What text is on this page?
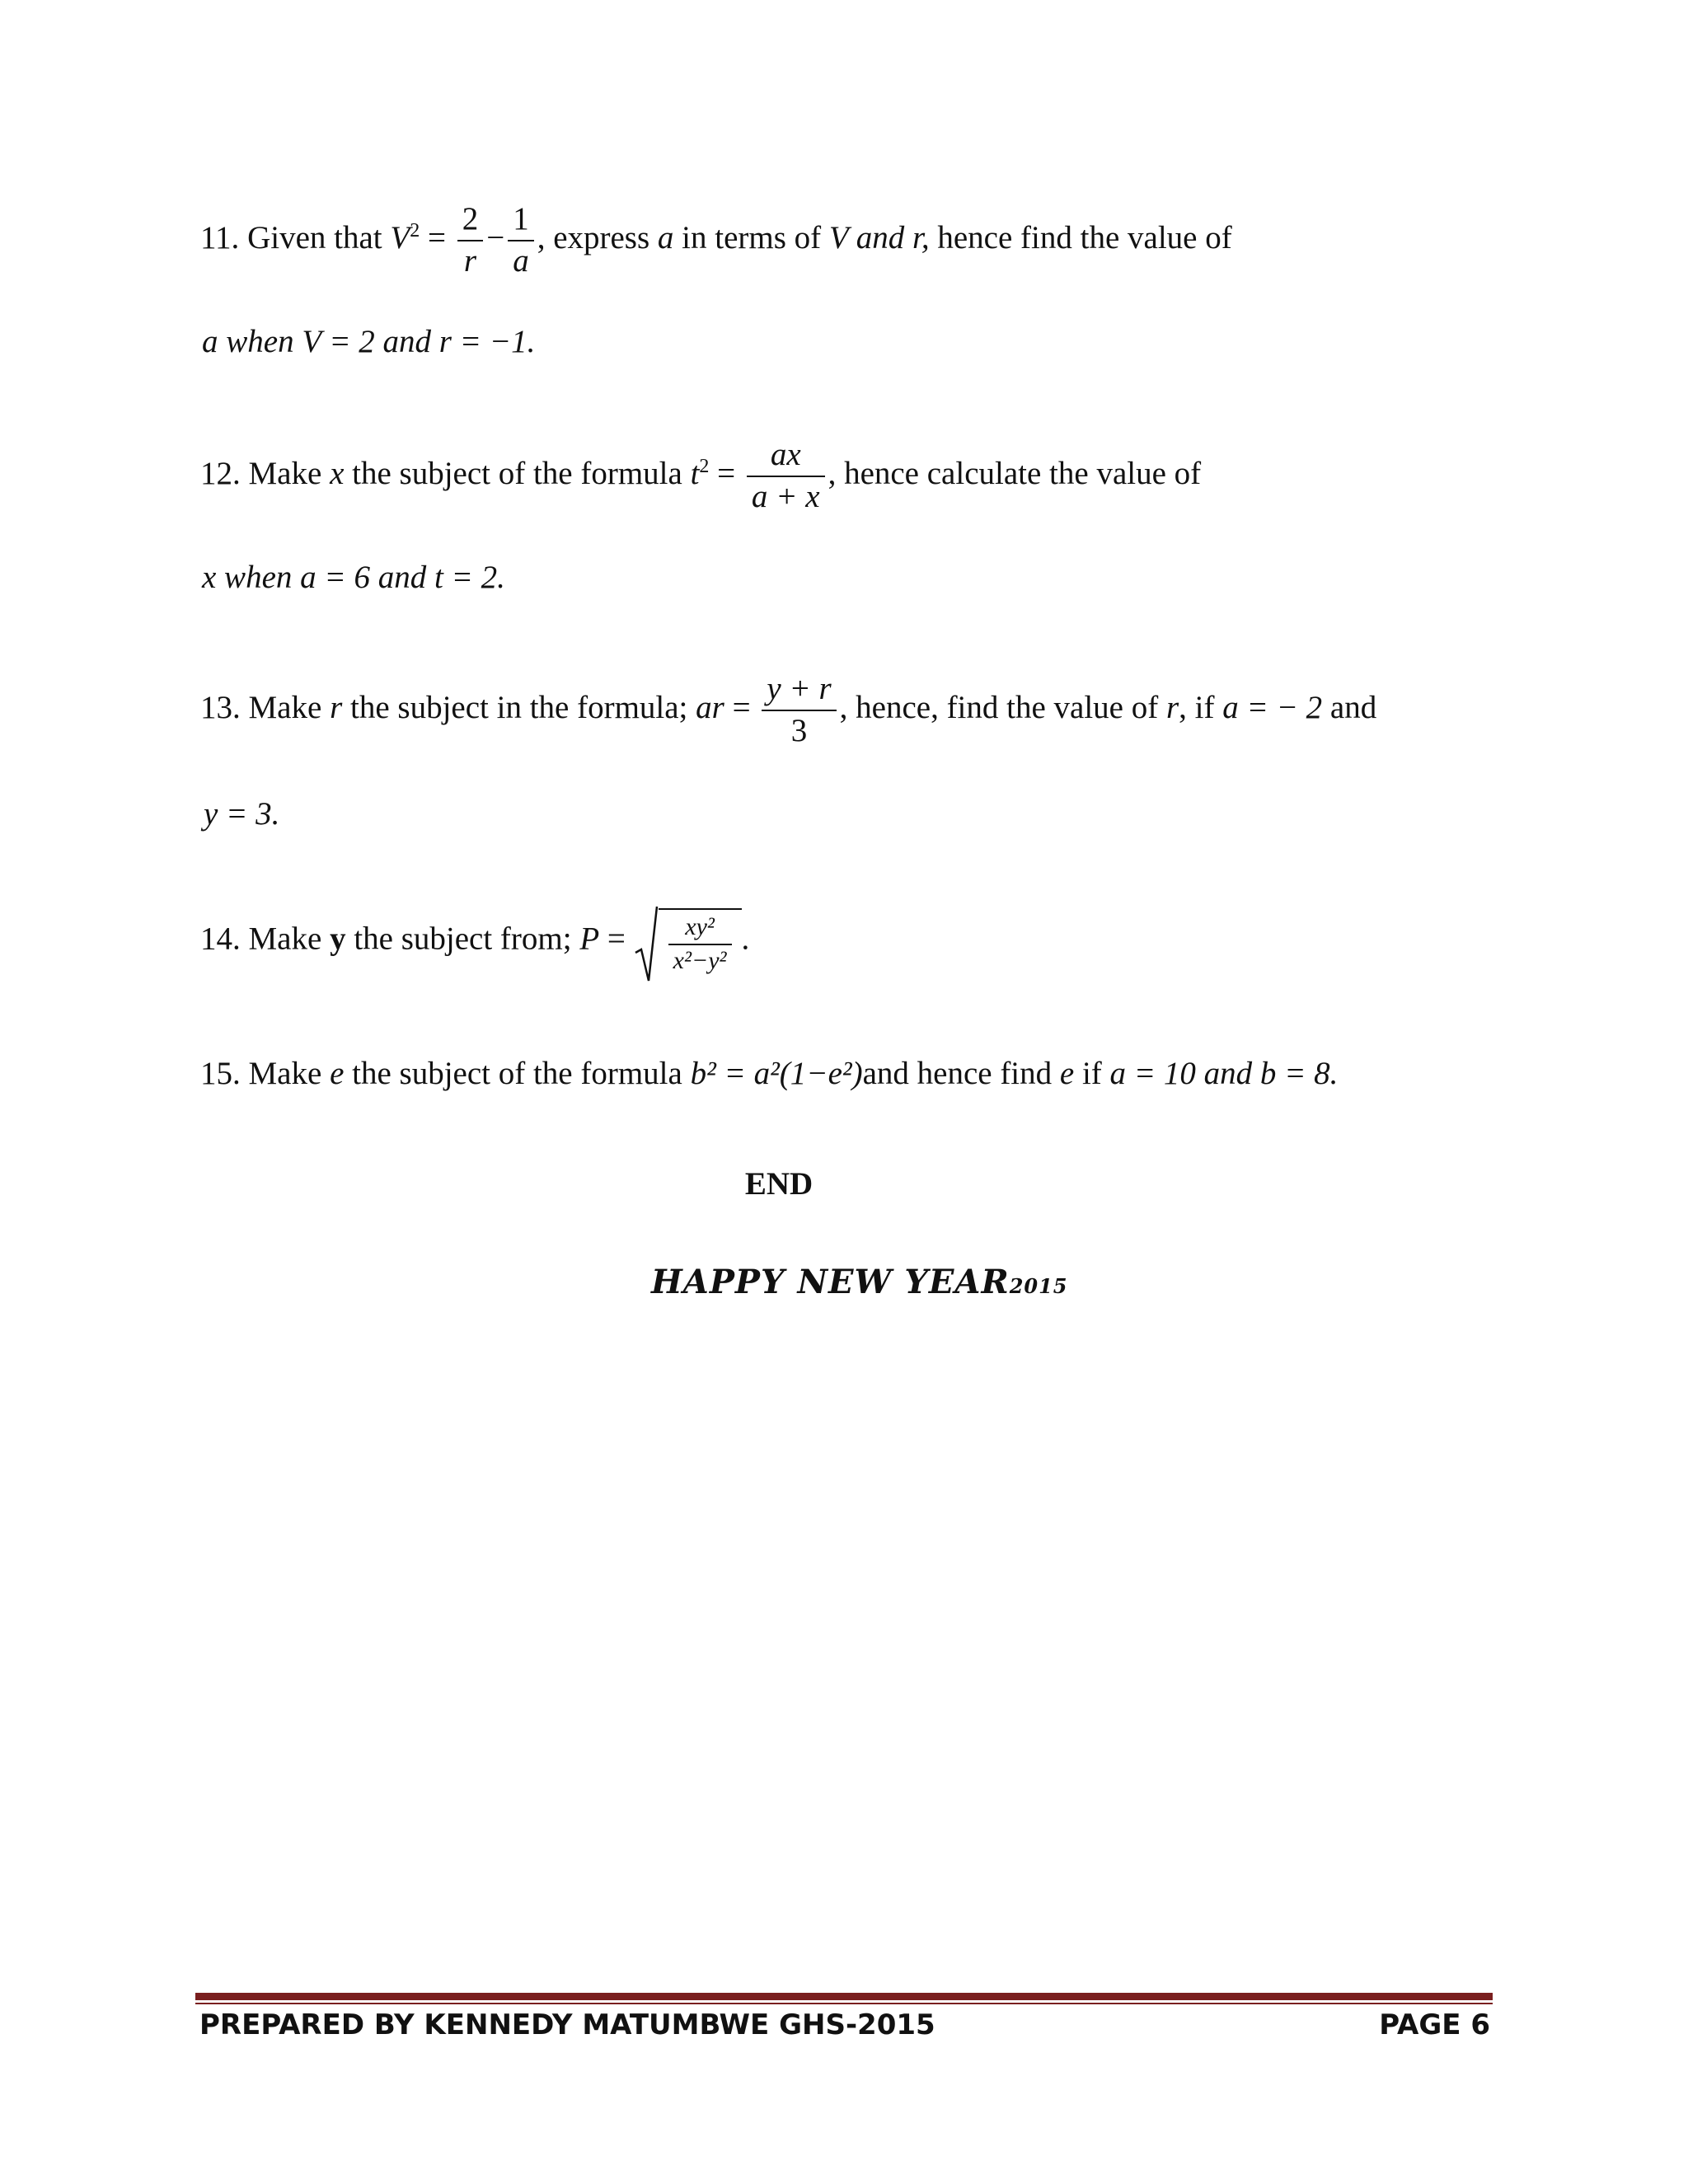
11. Given that $V^2 = \frac{2}{r} - \frac{1}{a}$ , express a in terms of V and r, hence find the value of
a when V = 2 and r = −1.
12. Make x the subject of the formula $t^2 = \frac{ax}{a + x}$ , hence calculate the value of
x when a = 6 and t = 2.
13. Make r the subject in the formula; ar = $\frac{y + r}{3}$ , hence, find the value of r, if a = − 2 and
y = 3.
14. Make y the subject from; $P = \frac{\text{xy²}}{\text{x²−y²}}$ .
15. Make e the subject of the formula b² = a²(1−e²)and hence find e if a = 10 and b = 8.
END
HAPPY NEW YEAR2015
PREPARED BY KENNEDY MATUMBWE GHS-2015	PAGE 6
